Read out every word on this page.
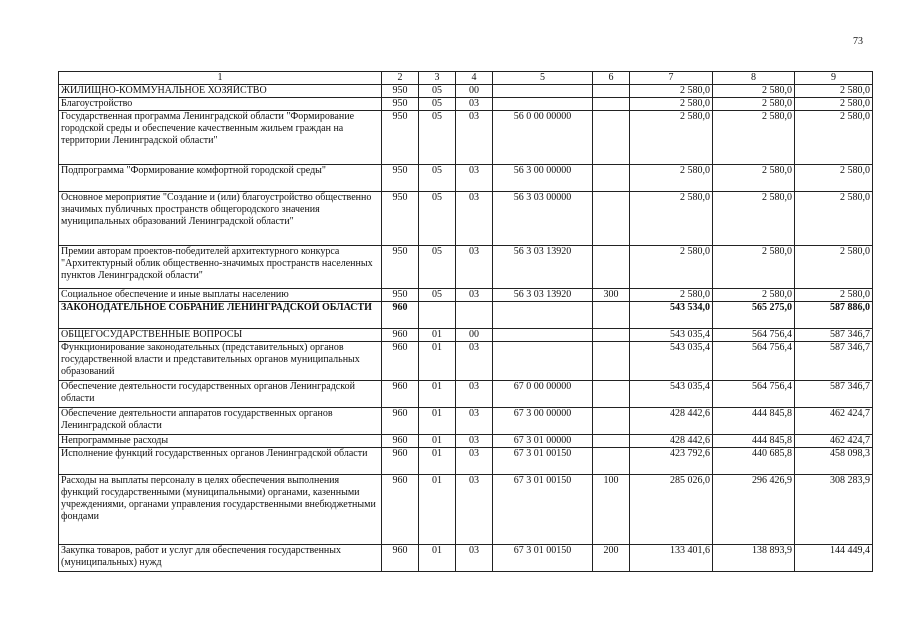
73
1	2	3	4	5	6	7	8	9
ЖИЛИЩНО-КОММУНАЛЬНОЕ ХОЗЯЙСТВО	950	05	00			2 580,0	2 580,0	2 580,0
Благоустройство	950	05	03			2 580,0	2 580,0	2 580,0
Государственная программа Ленинградской области "Формирование городской среды и обеспечение качественным жильем граждан на территории Ленинградской области"	950	05	03	56 0 00 00000		2 580,0	2 580,0	2 580,0
Подпрограмма "Формирование комфортной городской среды"	950	05	03	56 3 00 00000		2 580,0	2 580,0	2 580,0
Основное мероприятие "Создание и (или) благоустройство общественно значимых публичных пространств общегородского значения муниципальных образований Ленинградской области"	950	05	03	56 3 03 00000		2 580,0	2 580,0	2 580,0
Премии авторам проектов-победителей архитектурного конкурса "Архитектурный облик общественно-значимых пространств населенных пунктов Ленинградской области"	950	05	03	56 3 03 13920		2 580,0	2 580,0	2 580,0
Социальное обеспечение и иные выплаты населению	950	05	03	56 3 03 13920	300	2 580,0	2 580,0	2 580,0
ЗАКОНОДАТЕЛЬНОЕ СОБРАНИЕ ЛЕНИНГРАДСКОЙ ОБЛАСТИ	960					543 534,0	565 275,0	587 886,0
ОБЩЕГОСУДАРСТВЕННЫЕ ВОПРОСЫ	960	01	00			543 035,4	564 756,4	587 346,7
Функционирование законодательных (представительных) органов государственной власти и представительных органов муниципальных образований	960	01	03			543 035,4	564 756,4	587 346,7
Обеспечение деятельности государственных органов Ленинградской области	960	01	03	67 0 00 00000		543 035,4	564 756,4	587 346,7
Обеспечение деятельности аппаратов государственных органов Ленинградской области	960	01	03	67 3 00 00000		428 442,6	444 845,8	462 424,7
Непрограммные расходы	960	01	03	67 3 01 00000		428 442,6	444 845,8	462 424,7
Исполнение функций государственных органов Ленинградской области	960	01	03	67 3 01 00150		423 792,6	440 685,8	458 098,3
Расходы на выплаты персоналу в целях обеспечения выполнения функций государственными (муниципальными) органами, казенными учреждениями, органами управления государственными внебюджетными фондами	960	01	03	67 3 01 00150	100	285 026,0	296 426,9	308 283,9
Закупка товаров, работ и услуг для обеспечения государственных (муниципальных) нужд	960	01	03	67 3 01 00150	200	133 401,6	138 893,9	144 449,4
